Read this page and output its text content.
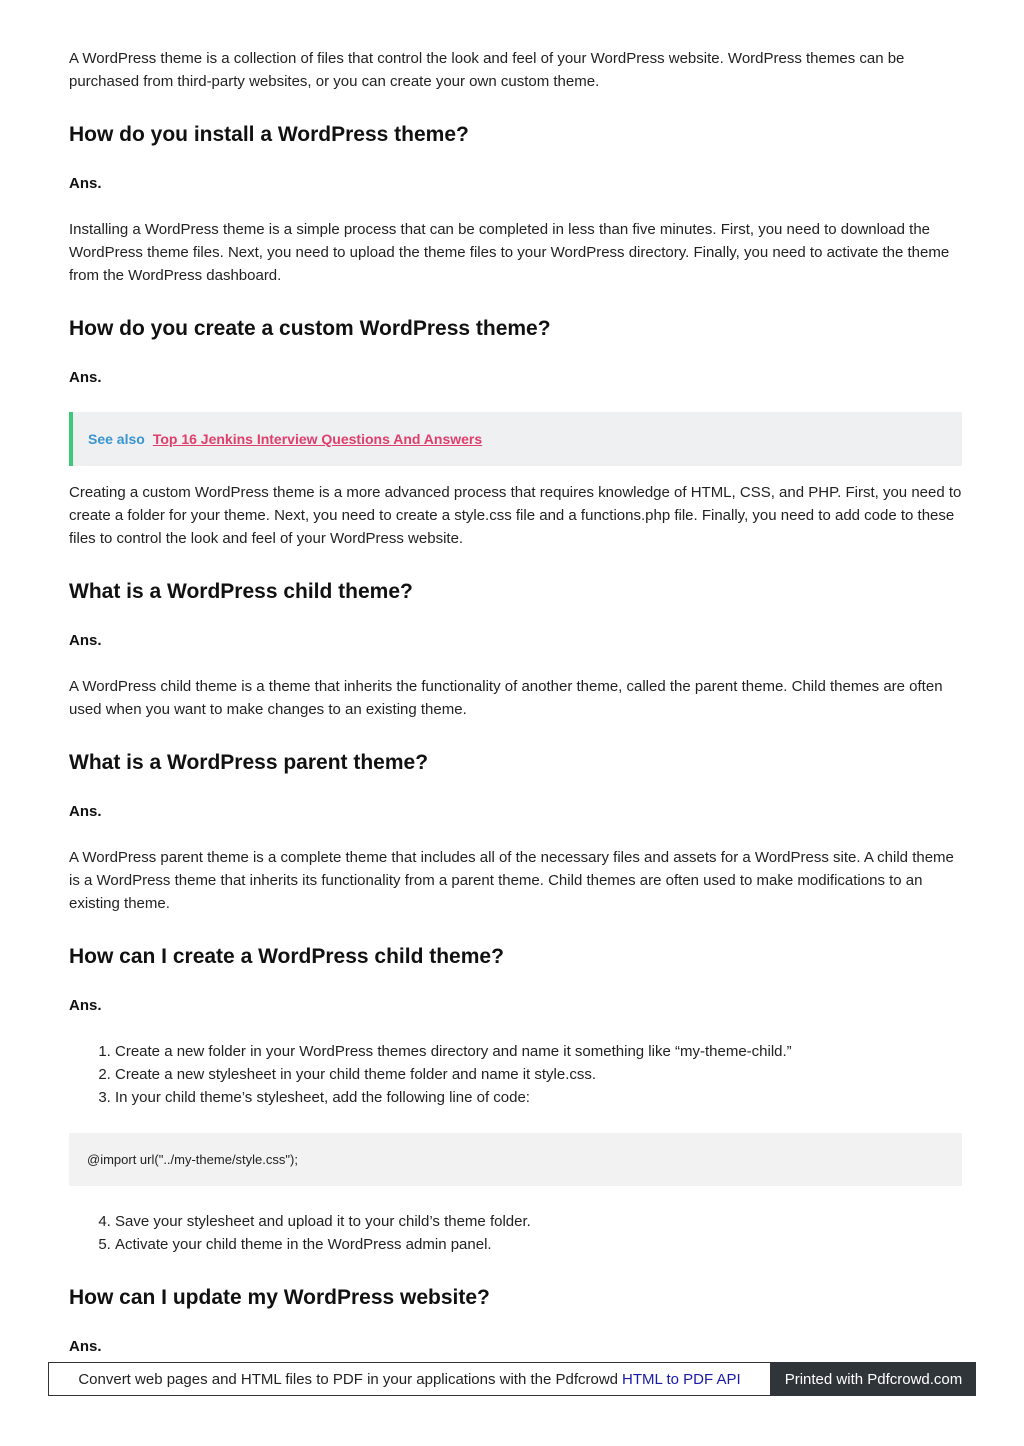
A WordPress theme is a collection of files that control the look and feel of your WordPress website. WordPress themes can be purchased from third-party websites, or you can create your own custom theme.

How do you install a WordPress theme?
Ans.

Installing a WordPress theme is a simple process that can be completed in less than five minutes. First, you need to download the WordPress theme files. Next, you need to upload the theme files to your WordPress directory. Finally, you need to activate the theme from the WordPress dashboard.

How do you create a custom WordPress theme?
Ans.
See also Top 16 Jenkins Interview Questions And Answers

Creating a custom WordPress theme is a more advanced process that requires knowledge of HTML, CSS, and PHP. First, you need to create a folder for your theme. Next, you need to create a style.css file and a functions.php file. Finally, you need to add code to these files to control the look and feel of your WordPress website.

What is a WordPress child theme?
Ans.

A WordPress child theme is a theme that inherits the functionality of another theme, called the parent theme. Child themes are often used when you want to make changes to an existing theme.

What is a WordPress parent theme?
Ans.

A WordPress parent theme is a complete theme that includes all of the necessary files and assets for a WordPress site. A child theme is a WordPress theme that inherits its functionality from a parent theme. Child themes are often used to make modifications to an existing theme.

How can I create a WordPress child theme?
Ans.
1. Create a new folder in your WordPress themes directory and name it something like “my-theme-child.”
2. Create a new stylesheet in your child theme folder and name it style.css.
3. In your child theme’s stylesheet, add the following line of code:
@import url("../my-theme/style.css");
4. Save your stylesheet and upload it to your child’s theme folder.
5. Activate your child theme in the WordPress admin panel.
How can I update my WordPress website?
Ans.
Convert web pages and HTML files to PDF in your applications with the Pdfcrowd HTML to PDF API	Printed with Pdfcrowd.com
